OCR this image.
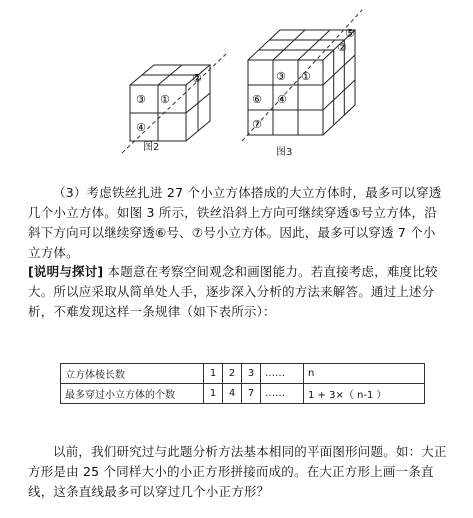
③ ①
②
④
图2
③ ①
②
⑤
⑥ ④
⑦
图3
（3）考虑铁丝扎进 27 个小立方体搭成的大立方体时，最多可以穿透几个小立方体。如图 3 所示，铁丝沿斜上方向可继续穿透⑤号立方体，沿斜下方向可以继续穿透⑥号、⑦号小立方体。因此，最多可以穿透 7 个小立方体。
[说明与探讨] 本题意在考察空间观念和画图能力。若直接考虑，难度比较大。所以应采取从简单处人手，逐步深入分析的方法来解答。通过上述分析，不难发现这样一条规律（如下表所示）：
立方体棱长数	1	2	3	……	n
最多穿过小立方体的个数	1	4	7	……	1 + 3×（ n-1 ）
以前，我们研究过与此题分析方法基本相同的平面图形问题。如：大正方形是由 25 个同样大小的小正方形拼接而成的。在大正方形上画一条直线，这条直线最多可以穿过几个小正方形？
